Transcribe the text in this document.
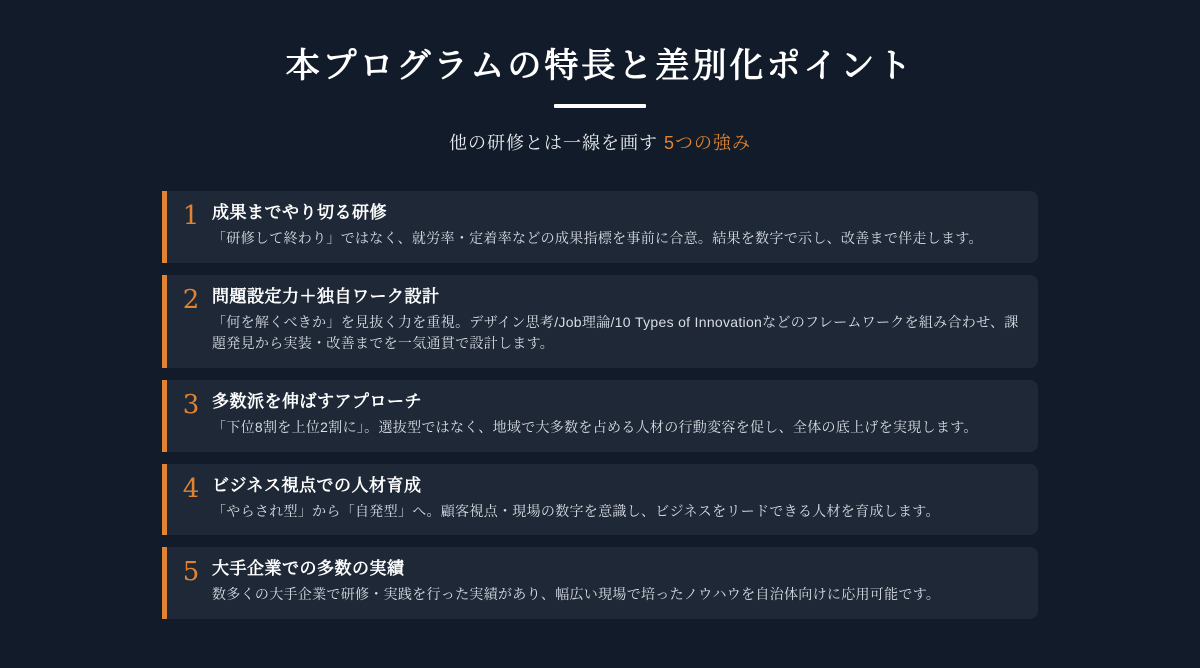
本プログラムの特長と差別化ポイント
他の研修とは一線を画す 5つの強み
1 成果までやり切る研修
「研修して終わり」ではなく、就労率・定着率などの成果指標を事前に合意。結果を数字で示し、改善まで伴走します。
2 問題設定力＋独自ワーク設計
「何を解くべきか」を見抜く力を重視。デザイン思考/Job理論/10 Types of Innovationなどのフレームワークを組み合わせ、課題発見から実装・改善までを一気通貫で設計します。
3 多数派を伸ばすアプローチ
「下位8割を上位2割に」。選抜型ではなく、地域で大多数を占める人材の行動変容を促し、全体の底上げを実現します。
4 ビジネス視点での人材育成
「やらされ型」から「自発型」へ。顧客視点・現場の数字を意識し、ビジネスをリードできる人材を育成します。
5 大手企業での多数の実績
数多くの大手企業で研修・実践を行った実績があり、幅広い現場で培ったノウハウを自治体向けに応用可能です。
